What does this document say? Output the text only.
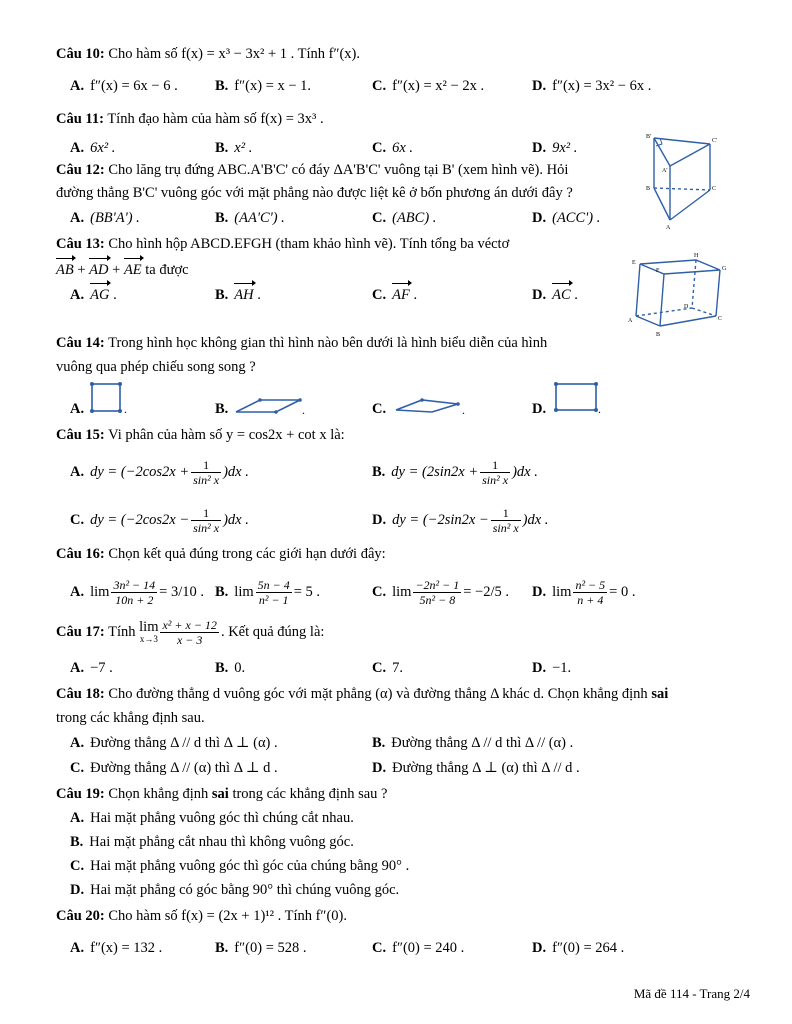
Câu 10: Cho hàm số f(x) = x³ − 3x² + 1 . Tính f″(x).
A. f″(x) = 6x − 6 .	B. f″(x) = x − 1.	C. f″(x) = x² − 2x .	D. f″(x) = 3x² − 6x .
Câu 11: Tính đạo hàm của hàm số f(x) = 3x³ .
A. 6x² .	B. x² .	C. 6x .	D. 9x² .
B'
C'
A'
B	C
A
Câu 12: Cho lăng trụ đứng ABC.A'B'C' có đáy ΔA'B'C' vuông tại B' (xem hình vẽ). Hỏi
đường thẳng B'C' vuông góc với mặt phẳng nào được liệt kê ở bốn phương án dưới đây ?
A. (BB'A') .	B. (AA'C') .	C. (ABC) .	D. (ACC') .
Câu 13: Cho hình hộp ABCD.EFGH (tham khảo hình vẽ). Tính tổng ba véctơ
AB + AD + AE ta được
A. AG .	B. AH .	C. AF .	D. AC .
E
H
F	G
D
A
B
C
Câu 14: Trong hình học không gian thì hình nào bên dưới là hình biểu diễn của hình
vuông qua phép chiếu song song ?
A.	B.	C.	D.
.	.	.	.
Câu 15: Vi phân của hàm số y = cos2x + cot x là:
A. dy = $(-2\cos 2x + \frac{1}{\text{sin² x}} )dx$ .	B. dy = $(2\sin 2x + \frac{1}{\text{sin² x}} )dx$ .
C. dy = $(-2\cos 2x - \frac{1}{\text{sin² x}} )dx$ .	D. dy = $(-2\sin 2x - \frac{1}{\text{sin² x}} )dx$ .
Câu 16: Chọn kết quả đúng trong các giới hạn dưới đây:
A. $\lim \frac{\text{3n² − 14}}{10n + 2} = 3/10$ . B. $\lim \frac{5n - 4}{\text{n² − 1}} = 5$ .	C. $\lim \frac{\text{−2n² − 1}}{\text{5n² − 8}} = -2/5$ . D. $\lim \frac{\text{n² − 5}}{n + 4} = 0$ .
Câu 17: Tính lim
$x\to 3 \frac{\text{x² + x − 12}}{x - 3}$ . Kết quả đúng là:
A. −7 .	B. 0.	C. 7.	D. −1.
Câu 18: Cho đường thẳng d vuông góc với mặt phẳng (α) và đường thẳng Δ khác d. Chọn khẳng định sai
trong các khẳng định sau.
A. Đường thẳng Δ // d thì Δ ⊥ (α) .	B. Đường thẳng Δ // d thì Δ // (α) .
C. Đường thẳng Δ // (α) thì Δ ⊥ d .	D. Đường thẳng Δ ⊥ (α) thì Δ // d .
Câu 19: Chọn khẳng định sai trong các khẳng định sau ?
A. Hai mặt phẳng vuông góc thì chúng cắt nhau.
B. Hai mặt phẳng cắt nhau thì không vuông góc.
C. Hai mặt phẳng vuông góc thì góc của chúng bằng 90° .
D. Hai mặt phẳng có góc bằng 90° thì chúng vuông góc.
Câu 20: Cho hàm số f(x) = (2x + 1)¹² . Tính f″(0).
A. f″(x) = 132 .	B. f″(0) = 528 .	C. f″(0) = 240 .	D. f″(0) = 264 .
Mã đề 114 - Trang 2/4
